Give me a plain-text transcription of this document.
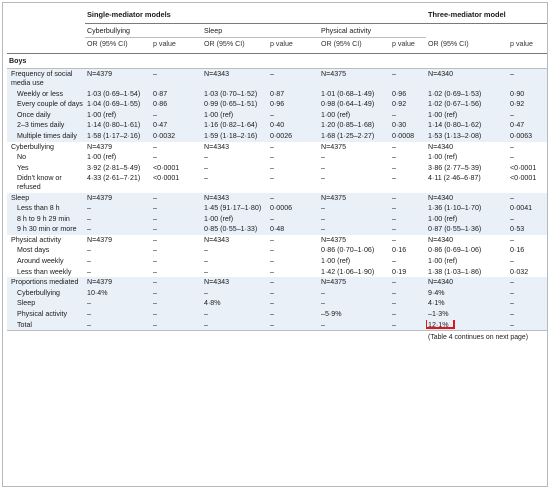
	Single-mediator models						Three-mediator model	
	Cyberbullying		Sleep		Physical activity			
	OR (95% CI)	p value	OR (95% CI)	p value	OR (95% CI)	p value	OR (95% CI)	p value
Boys								

Frequency of social media use	N=4379	–	N=4343	–	N=4375	–	N=4340	–
Weekly or less	1·03 (0·69–1·54)	0·87	1·03 (0·70–1·52)	0·87	1·01 (0·68–1·49)	0·96	1·02 (0·69–1·53)	0·90
Every couple of days	1·04 (0·69–1·55)	0·86	0·99 (0·65–1·51)	0·96	0·98 (0·64–1·49)	0·92	1·02 (0·67–1·56)	0·92
Once daily	1·00 (ref)	–	1·00 (ref)	–	1·00 (ref)	–	1·00 (ref)	–
2–3 times daily	1·14 (0·80–1·61)	0·47	1·16 (0·82–1·64)	0·40	1·20 (0·85–1·68)	0·30	1·14 (0·80–1·62)	0·47
Multiple times daily	1·58 (1·17–2·16)	0·0032	1·59 (1·18–2·16)	0·0026	1·68 (1·25–2·27)	0·0008	1·53 (1·13–2·08)	0·0063
Cyberbullying	N=4379	–	N=4343	–	N=4375	–	N=4340	–
No	1·00 (ref)	–	–	–	–	–	1·00 (ref)	–
Yes	3·92 (2·81–5·49)	<0·0001	–	–	–	–	3·86 (2·77–5·39)	<0·0001
Didn't know or refused	4·33 (2·61–7·21)	<0·0001	–	–	–	–	4·11 (2·46–6·87)	<0·0001
Sleep	N=4379	–	N=4343	–	N=4375	–	N=4340	–
Less than 8 h	–	–	1·45 (91·17–1·80)	0·0006	–	–	1·36 (1·10–1·70)	0·0041
8 h to 9 h 29 min	–	–	1·00 (ref)	–	–	–	1·00 (ref)	–
9 h 30 min or more	–	–	0·85 (0·55–1·33)	0·48	–	–	0·87 (0·55–1·36)	0·53
Physical activity	N=4379	–	N=4343	–	N=4375	–	N=4340	–
Most days	–	–	–	–	0·86 (0·70–1·06)	0·16	0·86 (0·69–1·06)	0·16
Around weekly	–	–	–	–	1·00 (ref)	–	1·00 (ref)	–
Less than weekly	–	–	–	–	1·42 (1·06–1·90)	0·19	1·38 (1·03–1·86)	0·032
Proportions mediated	N=4379	–	N=4343	–	N=4375	–	N=4340	–
Cyberbullying	10·4%	–	–	–	–	–	9·4%	–
Sleep	–	–	4·8%	–	–	–	4·1%	–
Physical activity	–	–	–	–	–5·9%	–	–1·3%	–
Total	–	–	–	–	–	–	12·1%	–

							(Table 4 continues on next page)	
